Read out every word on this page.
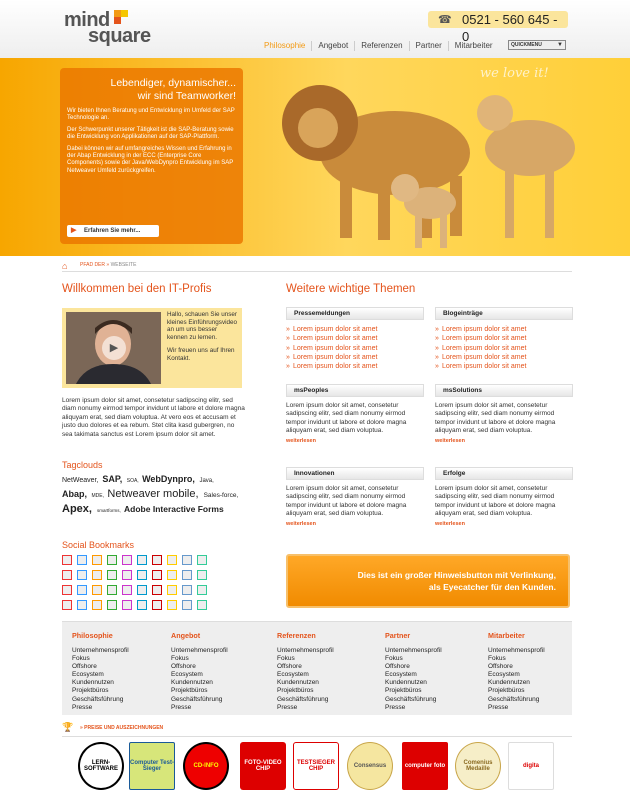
mind
square
☎ 0521 - 560 645 - 0
Philosophie	Angebot	Referenzen	Partner	Mitarbeiter	QUICKMENU	▼
we love it!
Lebendiger, dynamischer...
wir sind Teamworker!

Wir bieten Ihnen Beratung und Entwicklung im Umfeld der SAP Technologie an.

Der Schwerpunkt unserer Tätigkeit ist die SAP-Beratung sowie die Entwicklung von Applikationen auf der SAP-Plattform.

Dabei können wir auf umfangreiches Wissen und Erfahrung in der Abap Entwicklung in der ECC (Enterprise Core Components) sowie der Java/WebDynpro Entwicklung im SAP Netweaver Umfeld zurückgreifen.

▶ Erfahren Sie mehr...
⌂	PFAD DER » WEBSEITE
Willkommen bei den IT-Profis	Weitere wichtige Themen
▶

Hallo, schauen Sie unser kleines Einführungsvideo an um uns besser kennen zu lernen.

Wir freuen uns auf Ihren Kontakt.

Lorem ipsum dolor sit amet, consetetur sadipscing elitr, sed diam nonumy eirmod tempor invidunt ut labore et dolore magna aliquyam erat, sed diam voluptua. At vero eos et accusam et justo duo dolores et ea rebum. Stet clita kasd gubergren, no sea takimata sanctus est Lorem ipsum dolor sit amet.

Tagclouds
NetWeaver, SAP, SOA, WebDynpro, Java, Abap, MDE, Netweaver mobile, Sales-force, Apex, smartforms, Adobe Interactive Forms
Social Bookmarks
Pressemeldungen
» Lorem ipsum dolor sit amet
» Lorem ipsum dolor sit amet
» Lorem ipsum dolor sit amet
» Lorem ipsum dolor sit amet
» Lorem ipsum dolor sit amet
Blogeinträge
» Lorem ipsum dolor sit amet
» Lorem ipsum dolor sit amet
» Lorem ipsum dolor sit amet
» Lorem ipsum dolor sit amet
» Lorem ipsum dolor sit amet
msPeoples

Lorem ipsum dolor sit amet, consetetur sadipscing elitr, sed diam nonumy eirmod tempor invidunt ut labore et dolore magna aliquyam erat, sed diam voluptua.

weiterlesen
msSolutions

Lorem ipsum dolor sit amet, consetetur sadipscing elitr, sed diam nonumy eirmod tempor invidunt ut labore et dolore magna aliquyam erat, sed diam voluptua.

weiterlesen
Innovationen

Lorem ipsum dolor sit amet, consetetur sadipscing elitr, sed diam nonumy eirmod tempor invidunt ut labore et dolore magna aliquyam erat, sed diam voluptua.

weiterlesen
Erfolge

Lorem ipsum dolor sit amet, consetetur sadipscing elitr, sed diam nonumy eirmod tempor invidunt ut labore et dolore magna aliquyam erat, sed diam voluptua.

weiterlesen
Dies ist ein großer Hinweisbutton mit Verlinkung,
als Eyecatcher für den Kunden.
Philosophie
Unternehmensprofil
Fokus
Offshore
Ecosystem
Kundennutzen
Projektbüros
Geschäftsführung
Presse
Angebot
Unternehmensprofil
Fokus
Offshore
Ecosystem
Kundennutzen
Projektbüros
Geschäftsführung
Presse
Referenzen
Unternehmensprofil
Fokus
Offshore
Ecosystem
Kundennutzen
Projektbüros
Geschäftsführung
Presse
Partner
Unternehmensprofil
Fokus
Offshore
Ecosystem
Kundennutzen
Projektbüros
Geschäftsführung
Presse
Mitarbeiter
Unternehmensprofil
Fokus
Offshore
Ecosystem
Kundennutzen
Projektbüros
Geschäftsführung
Presse
🏆 » PREISE UND AUSZEICHNUNGEN
LERN-SOFTWARE
Computer Test-Sieger	CD-INFO	FOTO-VIDEO CHIP
TESTSIEGER CHIP	Consensus	computer foto	Comenius Medaille	digita
